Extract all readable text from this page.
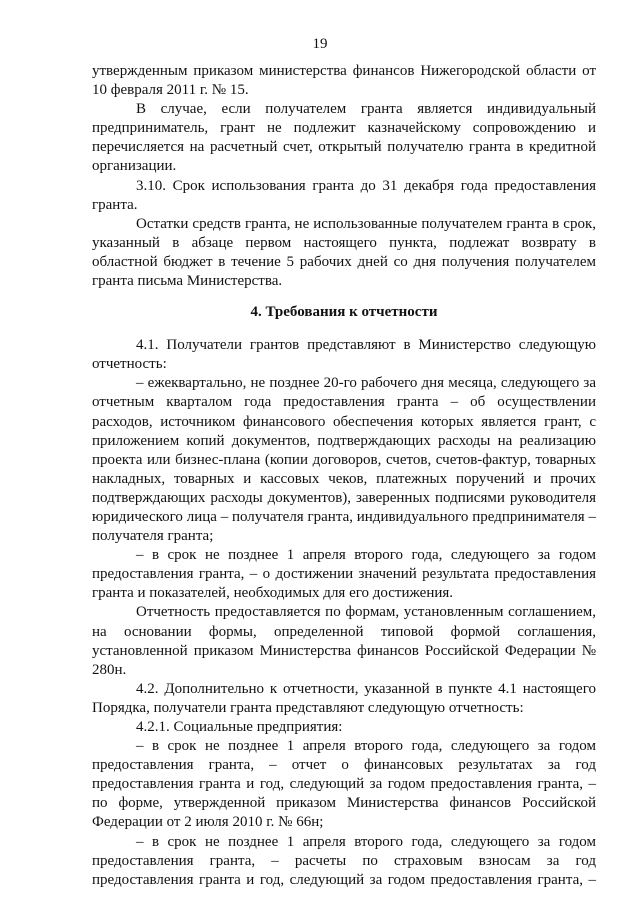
19

утвержденным приказом министерства финансов Нижегородской области от 10 февраля 2011 г. № 15.

В случае, если получателем гранта является индивидуальный предприниматель, грант не подлежит казначейскому сопровождению и перечисляется на расчетный счет, открытый получателю гранта в кредитной организации.

3.10. Срок использования гранта до 31 декабря года предоставления гранта.

Остатки средств гранта, не использованные получателем гранта в срок, указанный в абзаце первом настоящего пункта, подлежат возврату в областной бюджет в течение 5 рабочих дней со дня получения получателем гранта письма Министерства.

4. Требования к отчетности

4.1. Получатели грантов представляют в Министерство следующую отчетность:

– ежеквартально, не позднее 20-го рабочего дня месяца, следующего за отчетным кварталом года предоставления гранта – об осуществлении расходов, источником финансового обеспечения которых является грант, с приложением копий документов, подтверждающих расходы на реализацию проекта или бизнес-плана (копии договоров, счетов, счетов-фактур, товарных накладных, товарных и кассовых чеков, платежных поручений и прочих подтверждающих расходы документов), заверенных подписями руководителя юридического лица – получателя гранта, индивидуального предпринимателя – получателя гранта;

– в срок не позднее 1 апреля второго года, следующего за годом предоставления гранта, – о достижении значений результата предоставления гранта и показателей, необходимых для его достижения.

Отчетность предоставляется по формам, установленным соглашением, на основании формы, определенной типовой формой соглашения, установленной приказом Министерства финансов Российской Федерации № 280н.

4.2. Дополнительно к отчетности, указанной в пункте 4.1 настоящего Порядка, получатели гранта представляют следующую отчетность:

4.2.1. Социальные предприятия:

– в срок не позднее 1 апреля второго года, следующего за годом предоставления гранта, – отчет о финансовых результатах за год предоставления гранта и год, следующий за годом предоставления гранта, – по форме, утвержденной приказом Министерства финансов Российской Федерации от 2 июля 2010 г. № 66н;

– в срок не позднее 1 апреля второго года, следующего за годом предоставления гранта, – расчеты по страховым взносам за год предоставления гранта и год, следующий за годом предоставления гранта, –
